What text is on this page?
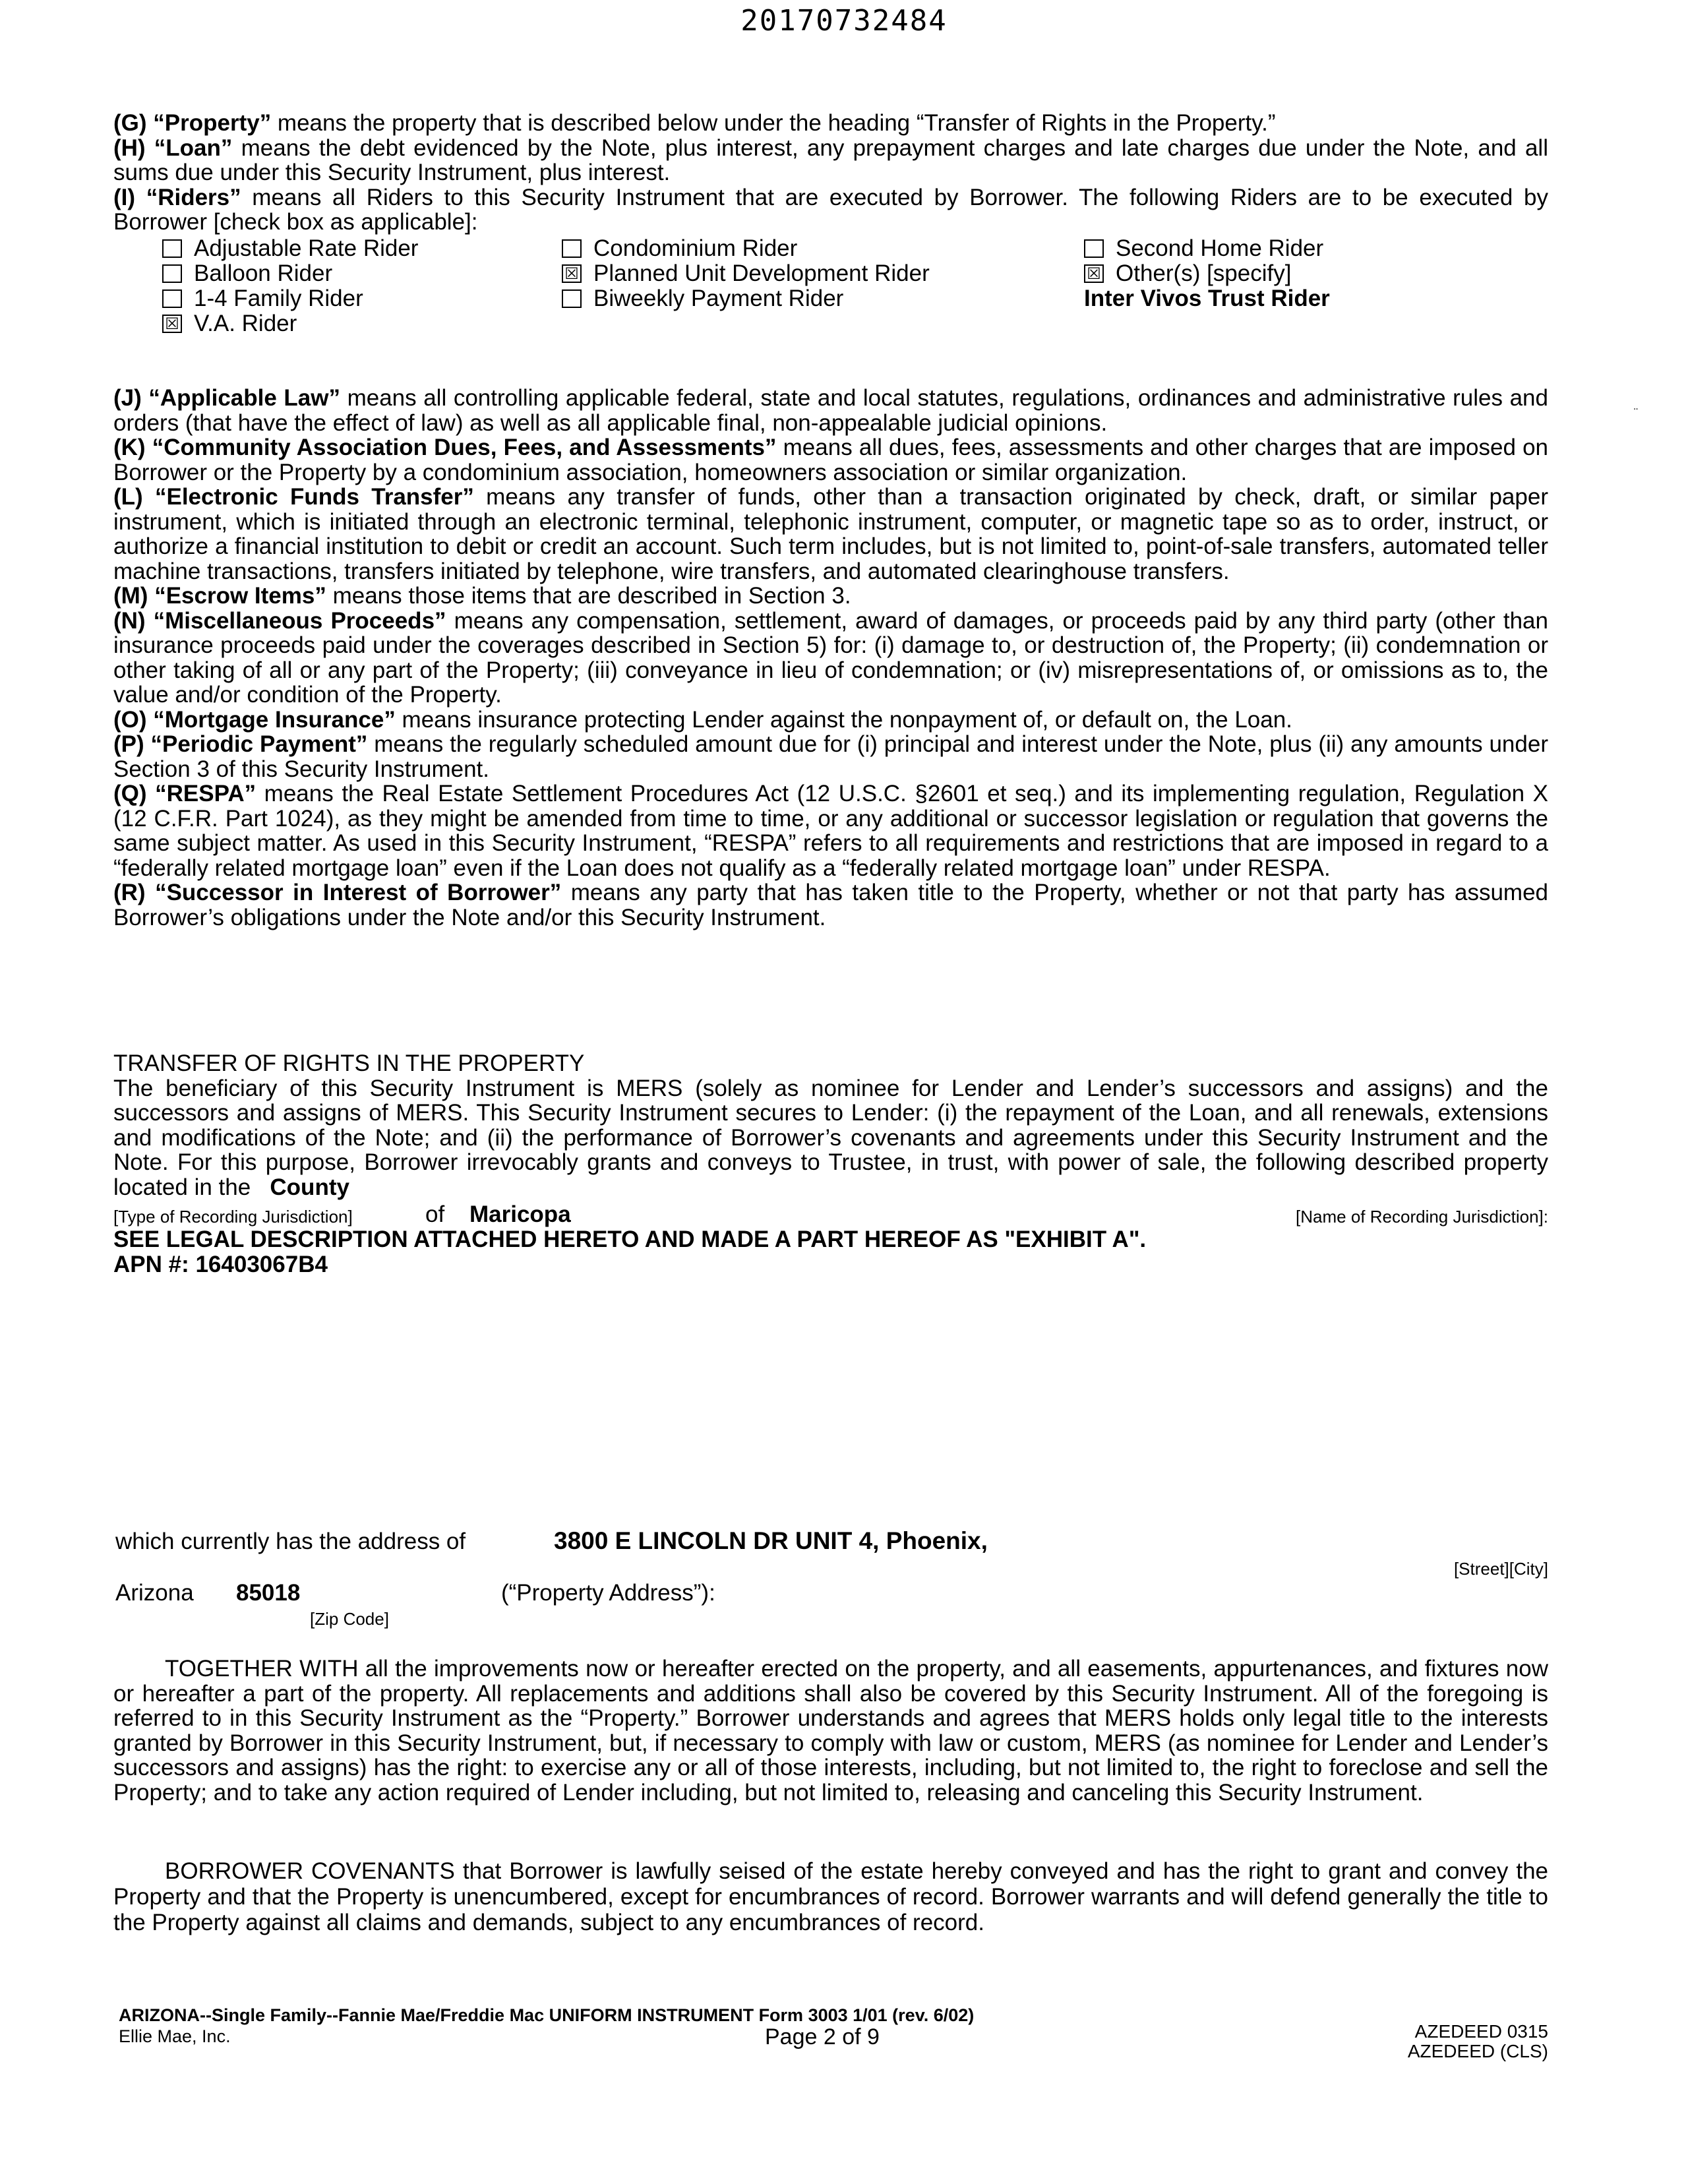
20170732484

(G) “Property” means the property that is described below under the heading “Transfer of Rights in the Property.”

(H) “Loan” means the debt evidenced by the Note, plus interest, any prepayment charges and late charges due under the Note, and all sums due under this Security Instrument, plus interest.

(I) “Riders” means all Riders to this Security Instrument that are executed by Borrower. The following Riders are to be executed by Borrower [check box as applicable]:

Adjustable Rate Rider
Balloon Rider
1-4 Family Rider
☒ V.A. Rider
Condominium Rider
☒ Planned Unit Development Rider
Biweekly Payment Rider
Second Home Rider
☒ Other(s) [specify]
Inter Vivos Trust Rider
¨

(J) “Applicable Law” means all controlling applicable federal, state and local statutes, regulations, ordinances and administrative rules and orders (that have the effect of law) as well as all applicable final, non-appealable judicial opinions.

(K) “Community Association Dues, Fees, and Assessments” means all dues, fees, assessments and other charges that are imposed on Borrower or the Property by a condominium association, homeowners association or similar organization.

(L) “Electronic Funds Transfer” means any transfer of funds, other than a transaction originated by check, draft, or similar paper instrument, which is initiated through an electronic terminal, telephonic instrument, computer, or magnetic tape so as to order, instruct, or authorize a financial institution to debit or credit an account. Such term includes, but is not limited to, point-of-sale transfers, automated teller machine transactions, transfers initiated by telephone, wire transfers, and automated clearinghouse transfers.

(M) “Escrow Items” means those items that are described in Section 3.

(N) “Miscellaneous Proceeds” means any compensation, settlement, award of damages, or proceeds paid by any third party (other than insurance proceeds paid under the coverages described in Section 5) for: (i) damage to, or destruction of, the Property; (ii) condemnation or other taking of all or any part of the Property; (iii) conveyance in lieu of condemnation; or (iv) misrepresentations of, or omissions as to, the value and/or condition of the Property.

(O) “Mortgage Insurance” means insurance protecting Lender against the nonpayment of, or default on, the Loan.

(P) “Periodic Payment” means the regularly scheduled amount due for (i) principal and interest under the Note, plus (ii) any amounts under Section 3 of this Security Instrument.

(Q) “RESPA” means the Real Estate Settlement Procedures Act (12 U.S.C. §2601 et seq.) and its implementing regulation, Regulation X (12 C.F.R. Part 1024), as they might be amended from time to time, or any additional or successor legislation or regulation that governs the same subject matter. As used in this Security Instrument, “RESPA” refers to all requirements and restrictions that are imposed in regard to a “federally related mortgage loan” even if the Loan does not qualify as a “federally related mortgage loan” under RESPA.

(R) “Successor in Interest of Borrower” means any party that has taken title to the Property, whether or not that party has assumed Borrower’s obligations under the Note and/or this Security Instrument.

TRANSFER OF RIGHTS IN THE PROPERTY

The beneficiary of this Security Instrument is MERS (solely as nominee for Lender and Lender’s successors and assigns) and the successors and assigns of MERS. This Security Instrument secures to Lender: (i) the repayment of the Loan, and all renewals, extensions and modifications of the Note; and (ii) the performance of Borrower’s covenants and agreements under this Security Instrument and the Note. For this purpose, Borrower irrevocably grants and conveys to Trustee, in trust, with power of sale, the following described property located in the County

[Type of Recording Jurisdiction]	of Maricopa	[Name of Recording Jurisdiction]:
SEE LEGAL DESCRIPTION ATTACHED HERETO AND MADE A PART HEREOF AS "EXHIBIT A".
APN #: 16403067B4
which currently has the address of	3800 E LINCOLN DR UNIT 4, Phoenix,
[Street][City]
Arizona 85018	(“Property Address”):
[Zip Code]
TOGETHER WITH all the improvements now or hereafter erected on the property, and all easements, appurtenances, and fixtures now or hereafter a part of the property. All replacements and additions shall also be covered by this Security Instrument. All of the foregoing is referred to in this Security Instrument as the “Property.” Borrower understands and agrees that MERS holds only legal title to the interests granted by Borrower in this Security Instrument, but, if necessary to comply with law or custom, MERS (as nominee for Lender and Lender’s successors and assigns) has the right: to exercise any or all of those interests, including, but not limited to, the right to foreclose and sell the Property; and to take any action required of Lender including, but not limited to, releasing and canceling this Security Instrument.
BORROWER COVENANTS that Borrower is lawfully seised of the estate hereby conveyed and has the right to grant and convey the Property and that the Property is unencumbered, except for encumbrances of record. Borrower warrants and will defend generally the title to the Property against all claims and demands, subject to any encumbrances of record.
ARIZONA--Single Family--Fannie Mae/Freddie Mac UNIFORM INSTRUMENT Form 3003 1/01 (rev. 6/02)
Ellie Mae, Inc.	Page 2 of 9	AZEDEED 0315
AZEDEED (CLS)
